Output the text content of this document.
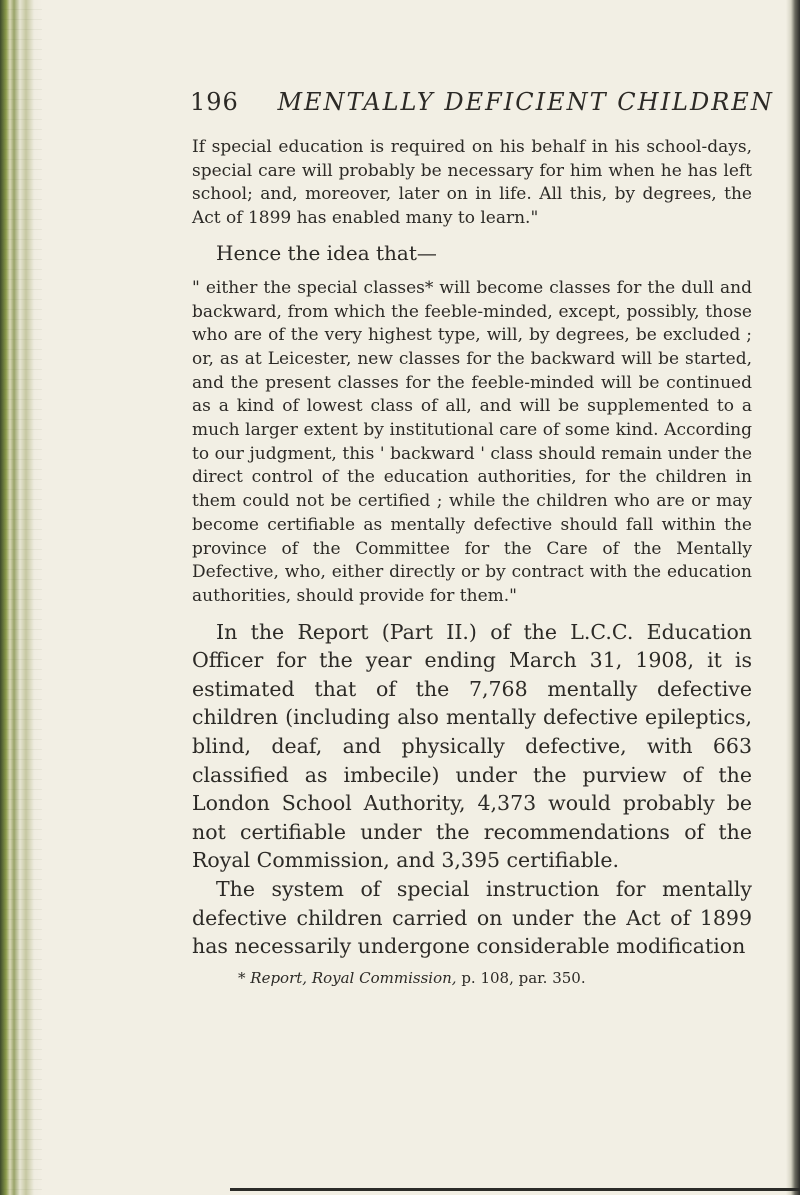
196 MENTALLY DEFICIENT CHILDREN

If special education is required on his behalf in his school-days, special care will probably be necessary for him when he has left school; and, moreover, later on in life. All this, by degrees, the Act of 1899 has enabled many to learn."

Hence the idea that—

" either the special classes* will become classes for the dull and backward, from which the feeble-minded, except, possibly, those who are of the very highest type, will, by degrees, be excluded ; or, as at Leicester, new classes for the backward will be started, and the present classes for the feeble-minded will be continued as a kind of lowest class of all, and will be supplemented to a much larger extent by institutional care of some kind. According to our judgment, this ' backward ' class should remain under the direct control of the education authorities, for the children in them could not be certified ; while the children who are or may become certifiable as mentally defective should fall within the province of the Committee for the Care of the Mentally Defective, who, either directly or by contract with the education authorities, should provide for them."

In the Report (Part II.) of the L.C.C. Education Officer for the year ending March 31, 1908, it is estimated that of the 7,768 mentally defective children (including also mentally defective epileptics, blind, deaf, and physically defective, with 663 classified as imbecile) under the purview of the London School Authority, 4,373 would probably be not certifiable under the recommendations of the Royal Commission, and 3,395 certifiable.

The system of special instruction for mentally defective children carried on under the Act of 1899 has necessarily undergone considerable modification

* Report, Royal Commission, p. 108, par. 350.
